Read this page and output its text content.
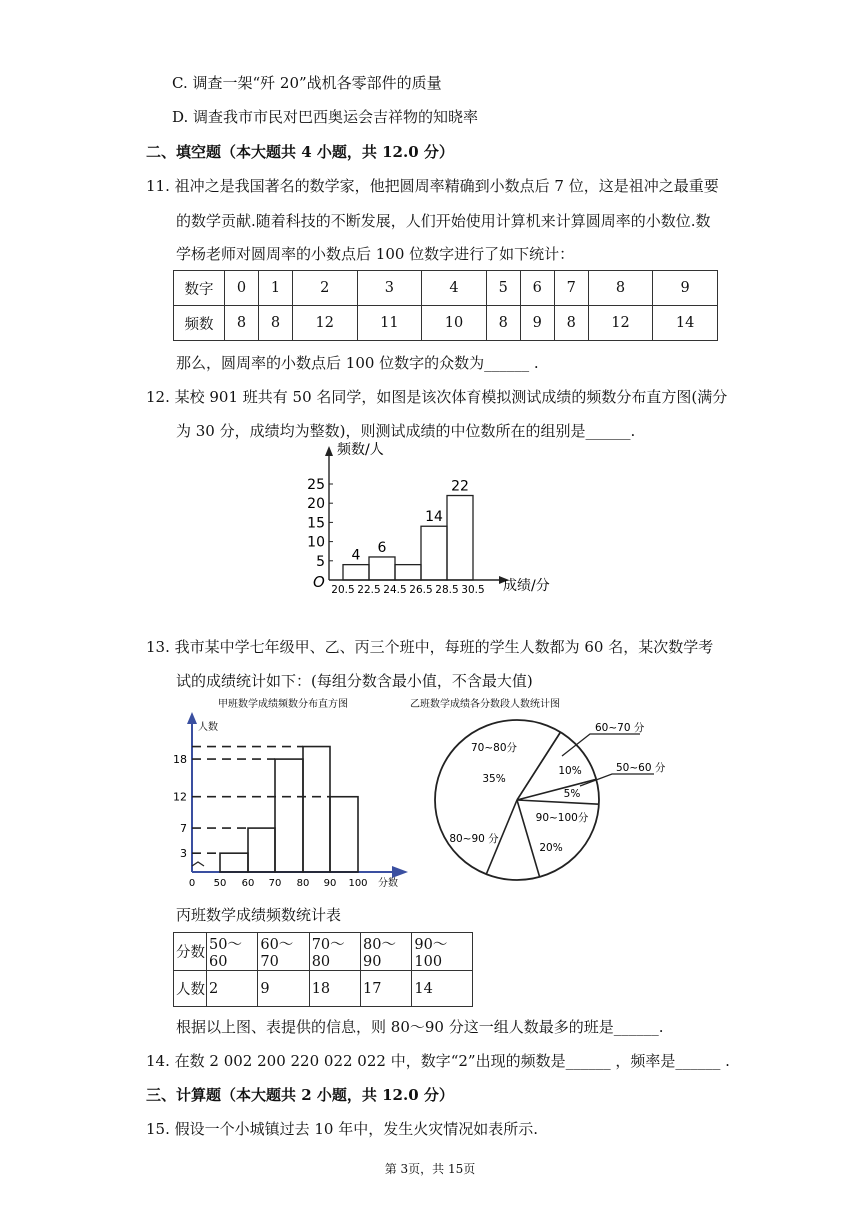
C. 调查一架“歼 20”战机各零部件的质量
D. 调查我市市民对巴西奥运会吉祥物的知晓率
二、填空题（本大题共 4 小题，共 12.0 分）
11. 祖冲之是我国著名的数学家，他把圆周率精确到小数点后 7 位，这是祖冲之最重要
的数学贡献.随着科技的不断发展，人们开始使用计算机来计算圆周率的小数位.数
学杨老师对圆周率的小数点后 100 位数字进行了如下统计：
数字	0	1	2	3	4	5	6	7	8	9
频数	8	8	12	11	10	8	9	8	12	14
那么，圆周率的小数点后 100 位数字的众数为______ .
12. 某校 901 班共有 50 名同学，如图是该次体育模拟测试成绩的频数分布直方图(满分
为 30 分，成绩均为整数)，则测试成绩的中位数所在的组别是______.
频数/人
成绩/分
O
5
10
15
20
25
4 6
14
22
20.5 22.5 24.5 26.5 28.5 30.5
13. 我市某中学七年级甲、乙、丙三个班中，每班的学生人数都为 60 名，某次数学考
试的成绩统计如下：(每组分数含最小值，不含最大值)
甲班数学成绩频数分布直方图
人数
分数
3
7
12
18
0 50 60 70 80 90 100
乙班数学成绩各分数段人数统计图
70~80分
35%
10%
5%
90~100分
20%
80~90 分
60~70 分
50~60 分
丙班数学成绩频数统计表
分数	50～60	60～70	70～80	80～90	90～100
人数	2	9	18	17	14
根据以上图、表提供的信息，则 80～90 分这一组人数最多的班是______.
14. 在数 2 002 200 220 022 022 中，数字“2”出现的频数是______ ，频率是______ .
三、计算题（本大题共 2 小题，共 12.0 分）
15. 假设一个小城镇过去 10 年中，发生火灾情况如表所示.
第 3页，共 15页
